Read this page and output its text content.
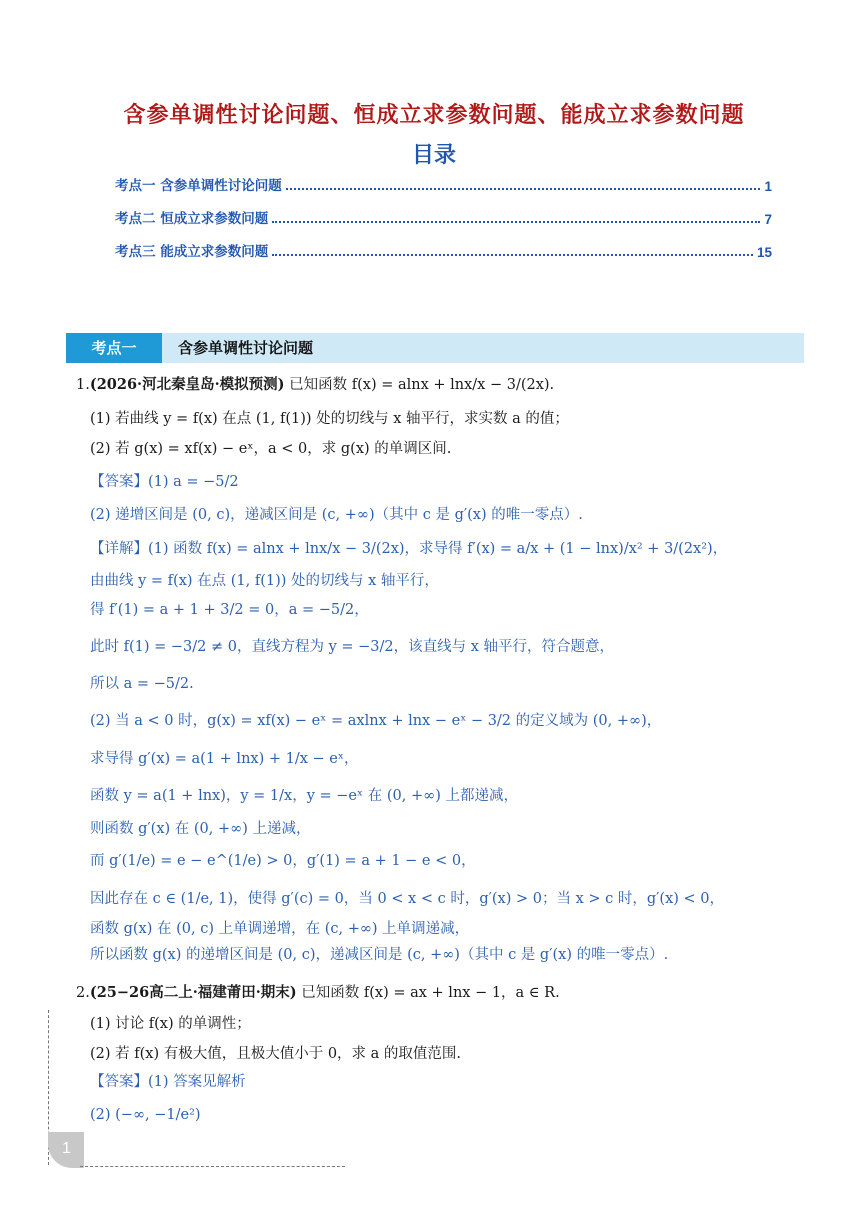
含参单调性讨论问题、恒成立求参数问题、能成立求参数问题
目录
考点一 含参单调性讨论问题	1
考点二 恒成立求参数问题	7
考点三 能成立求参数问题	15
考点一	含参单调性讨论问题
1.(2026·河北秦皇岛·模拟预测) 已知函数 f(x) = alnx + lnx/x − 3/(2x).
(1) 若曲线 y = f(x) 在点 (1, f(1)) 处的切线与 x 轴平行，求实数 a 的值；
(2) 若 g(x) = xf(x) − eˣ，a < 0，求 g(x) 的单调区间.
【答案】(1) a = −5/2
(2) 递增区间是 (0, c)，递减区间是 (c, +∞)（其中 c 是 g′(x) 的唯一零点）.
【详解】(1) 函数 f(x) = alnx + lnx/x − 3/(2x)，求导得 f′(x) = a/x + (1 − lnx)/x² + 3/(2x²)，
由曲线 y = f(x) 在点 (1, f(1)) 处的切线与 x 轴平行，
得 f′(1) = a + 1 + 3/2 = 0，a = −5/2，
此时 f(1) = −3/2 ≠ 0，直线方程为 y = −3/2，该直线与 x 轴平行，符合题意，
所以 a = −5/2.
(2) 当 a < 0 时，g(x) = xf(x) − eˣ = axlnx + lnx − eˣ − 3/2 的定义域为 (0, +∞)，
求导得 g′(x) = a(1 + lnx) + 1/x − eˣ，
函数 y = a(1 + lnx)，y = 1/x，y = −eˣ 在 (0, +∞) 上都递减，
则函数 g′(x) 在 (0, +∞) 上递减，
而 g′(1/e) = e − e^(1/e) > 0，g′(1) = a + 1 − e < 0，
因此存在 c ∈ (1/e, 1)，使得 g′(c) = 0，当 0 < x < c 时，g′(x) > 0；当 x > c 时，g′(x) < 0，
函数 g(x) 在 (0, c) 上单调递增，在 (c, +∞) 上单调递减，
所以函数 g(x) 的递增区间是 (0, c)，递减区间是 (c, +∞)（其中 c 是 g′(x) 的唯一零点）.
2.(25−26高二上·福建莆田·期末) 已知函数 f(x) = ax + lnx − 1，a ∈ R.
(1) 讨论 f(x) 的单调性；
(2) 若 f(x) 有极大值，且极大值小于 0，求 a 的取值范围.
【答案】(1) 答案见解析
(2) (−∞, −1/e²)
1
